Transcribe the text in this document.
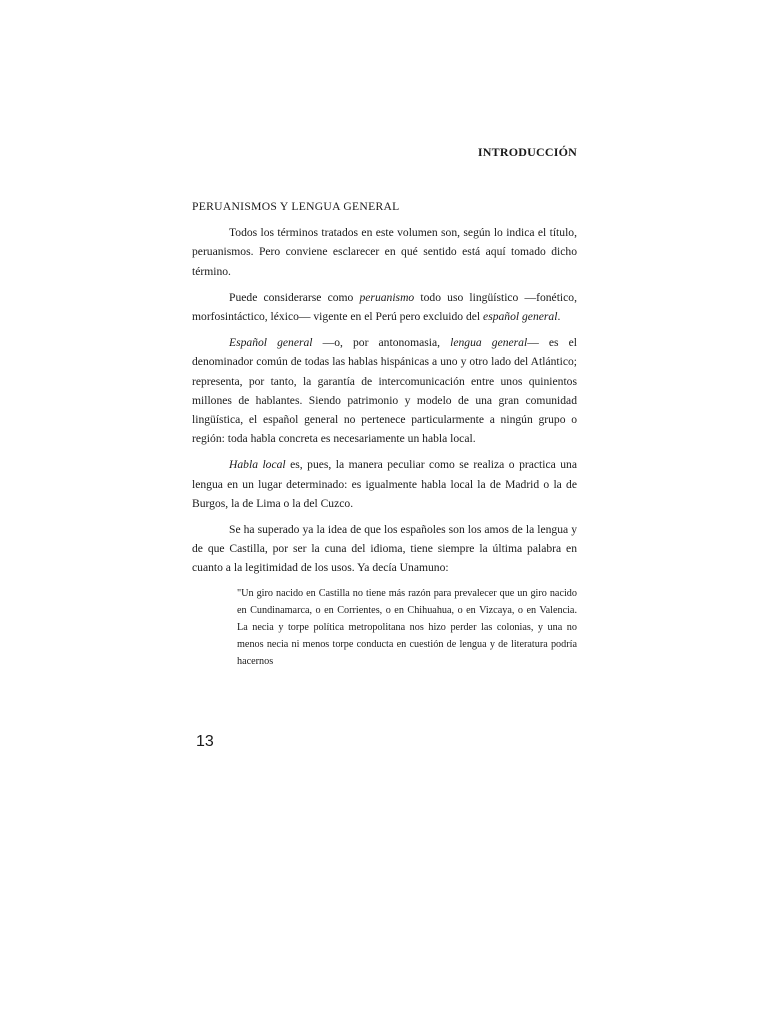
INTRODUCCIÓN
PERUANISMOS Y LENGUA GENERAL

Todos los términos tratados en este volumen son, según lo indica el título, peruanismos. Pero conviene esclarecer en qué sentido está aquí tomado dicho término.

Puede considerarse como peruanismo todo uso lingüístico —fonético, morfosintáctico, léxico— vigente en el Perú pero excluido del español general.

Español general —o, por antonomasia, lengua general— es el denominador común de todas las hablas hispánicas a uno y otro lado del Atlántico; representa, por tanto, la garantía de intercomunicación entre unos quinientos millones de hablantes. Siendo patrimonio y modelo de una gran comunidad lingüística, el español general no pertenece particularmente a ningún grupo o región: toda habla concreta es necesariamente un habla local.

Habla local es, pues, la manera peculiar como se realiza o practica una lengua en un lugar determinado: es igualmente habla local la de Madrid o la de Burgos, la de Lima o la del Cuzco.

Se ha superado ya la idea de que los españoles son los amos de la lengua y de que Castilla, por ser la cuna del idioma, tiene siempre la última palabra en cuanto a la legitimidad de los usos. Ya decía Unamuno:

"Un giro nacido en Castilla no tiene más razón para prevalecer que un giro nacido en Cundinamarca, o en Corrientes, o en Chihuahua, o en Vizcaya, o en Valencia. La necia y torpe política metropolitana nos hizo perder las colonias, y una no menos necia ni menos torpe conducta en cuestión de lengua y de literatura podría hacernos

13
